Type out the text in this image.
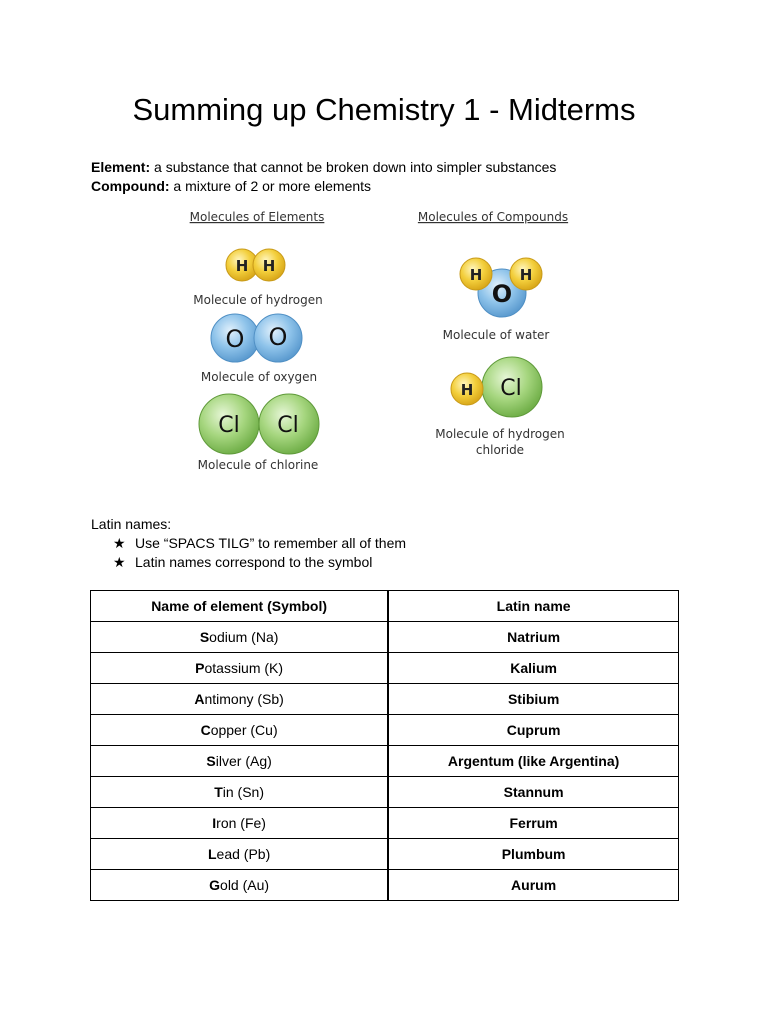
Summing up Chemistry 1 - Midterms
Element: a substance that cannot be broken down into simpler substances
Compound: a mixture of 2 or more elements
Molecules of Elements	Molecules of Compounds
H H
Molecule of hydrogen
O O
Molecule of oxygen
Cl Cl
Molecule of chlorine
H H
O
Molecule of water
H Cl
Molecule of hydrogen
chloride
Latin names:
★ Use “SPACS TILG” to remember all of them
★ Latin names correspond to the symbol
Name of element (Symbol)	Latin name
Sodium (Na)	Natrium
Potassium (K)	Kalium
Antimony (Sb)	Stibium
Copper (Cu)	Cuprum
Silver (Ag)	Argentum (like Argentina)
Tin (Sn)	Stannum
Iron (Fe)	Ferrum
Lead (Pb)	Plumbum
Gold (Au)	Aurum
